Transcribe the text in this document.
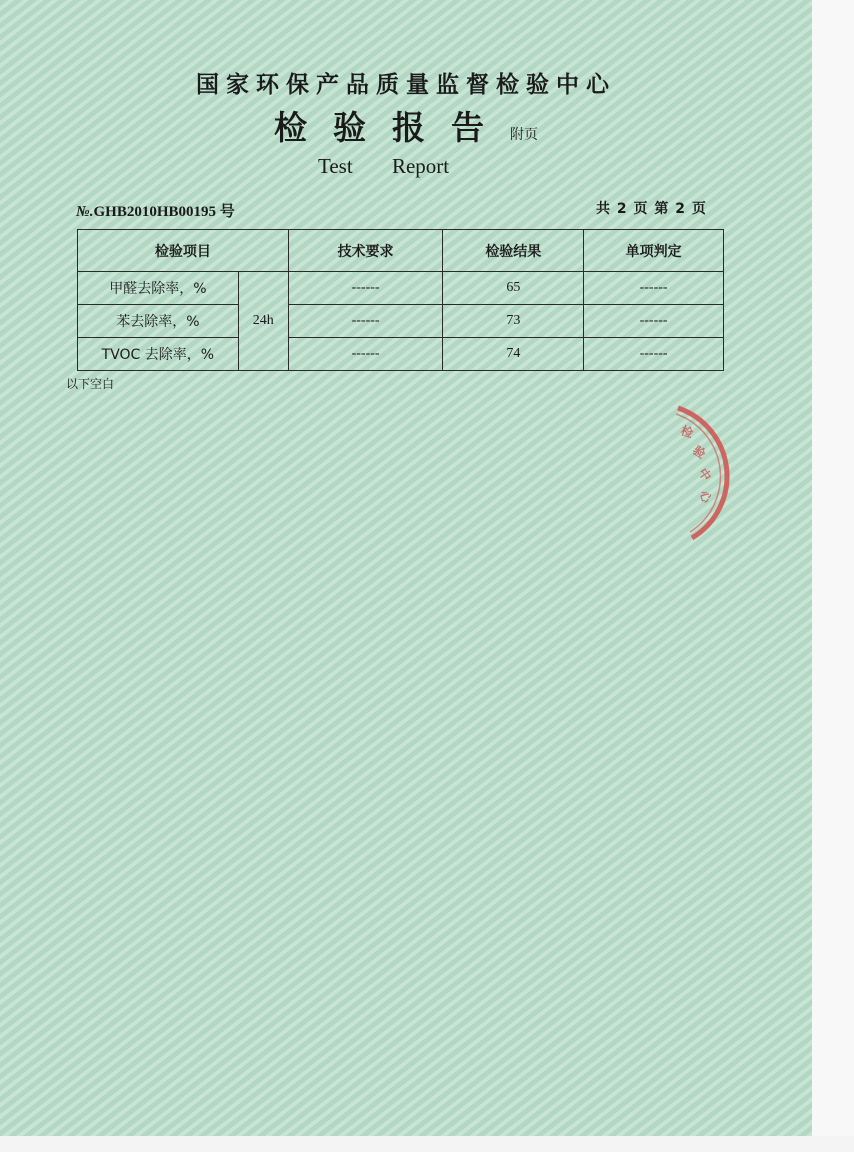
国家环保产品质量监督检验中心
检验报告附页
Test Report
№.GHB2010HB00195 号	共 2 页 第 2 页
检验项目		技术要求	检验结果	单项判定
甲醛去除率，%	24h	------	65	------
苯去除率，%		------	73	------
TVOC 去除率，%		------	74	------
以下空白
检
验
中
心
